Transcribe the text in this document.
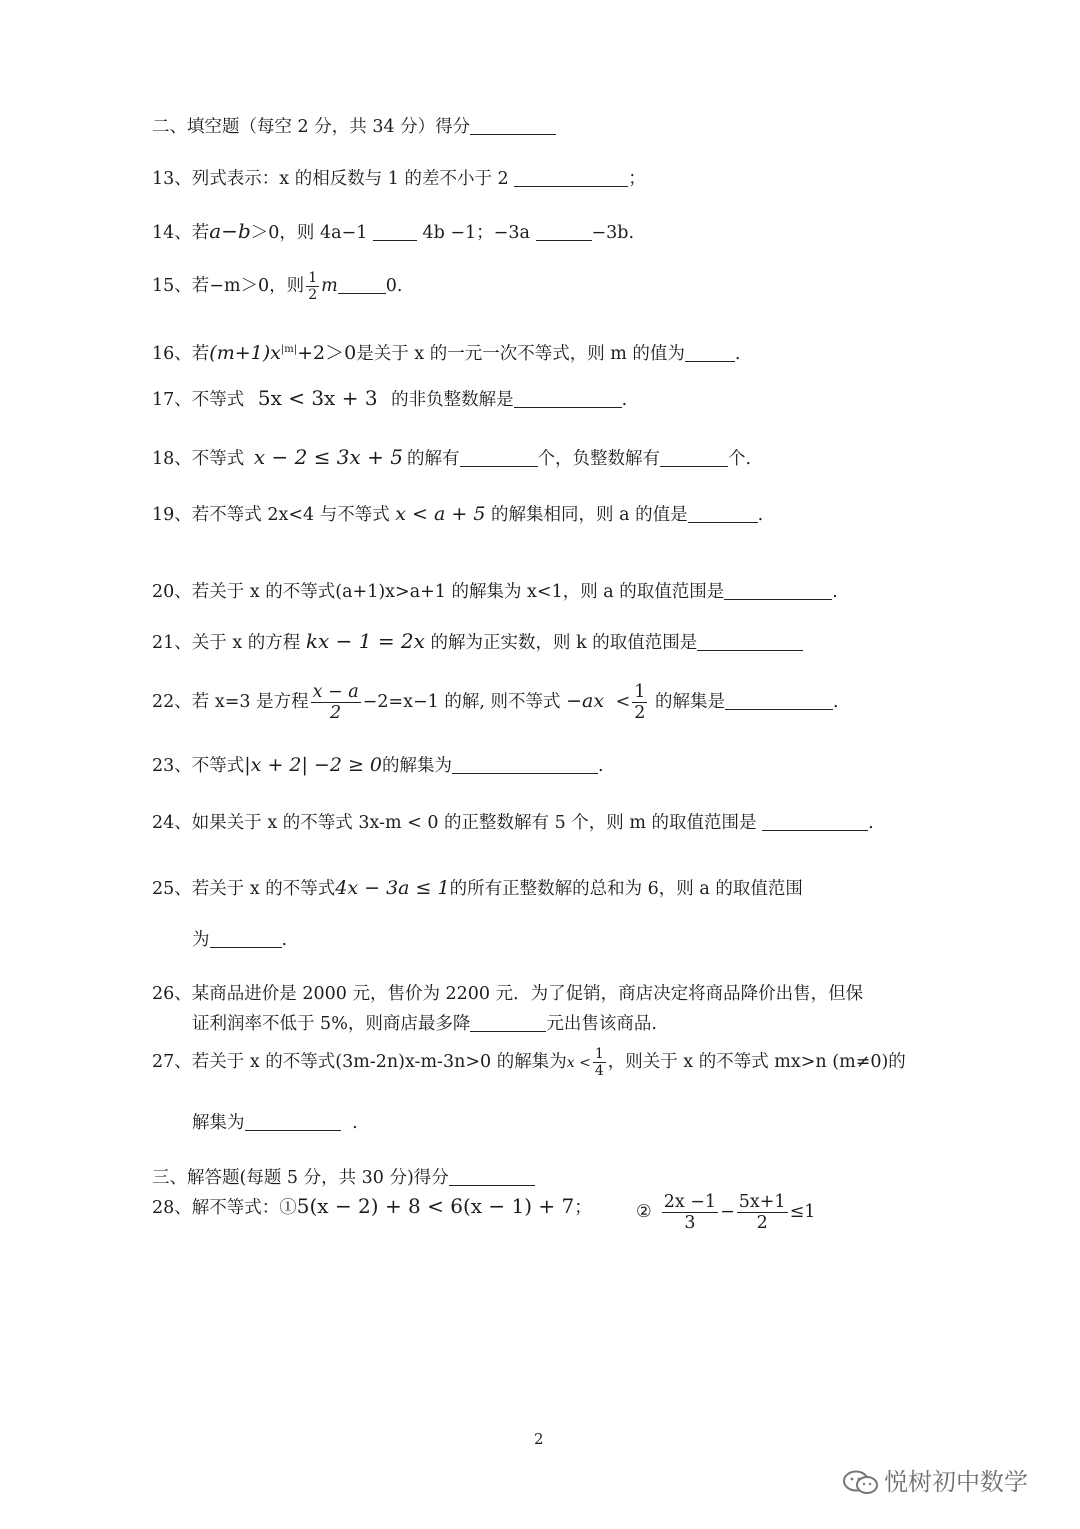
二、填空题（每空 2 分，共 34 分）得分
13、列式表示：x 的相反数与 1 的差不小于 2	；
14、若a−b＞0，则 4a−1	4b −1；−3a	−3b.
15、若−m＞0，则 $\frac{1}{2}$ m	0.
16、若$(m+1)x^{|m|}+2>0$是关于 x 的一元一次不等式，则 m 的值为	.
17、不等式 5x < 3x + 3 的非负整数解是	.
18、不等式 x − 2 ≤ 3x + 5 的解有	个，负整数解有	个.
19、若不等式 2x<4 与不等式 x < a + 5 的解集相同，则 a 的值是	.
20、若关于 x 的不等式(a+1)x>a+1 的解集为 x<1，则 a 的取值范围是	.
21、关于 x 的方程 kx − 1 = 2x 的解为正实数，则 k 的取值范围是
22、若 x=3 是方程 $\frac{x - a}{2} -2=x-1$ 的解, 则不等式 $-ax < \frac{1}{2}$ 的解集是	.
23、不等式|x + 2| −2 ≥ 0的解集为	.
24、如果关于 x 的不等式 3x-m < 0 的正整数解有 5 个，则 m 的取值范围是	.
25、若关于 x 的不等式4x − 3a ≤ 1的所有正整数解的总和为 6，则 a 的取值范围
为	.
26、某商品进价是 2000 元，售价为 2200 元．为了促销，商店决定将商品降价出售，但保
证利润率不低于 5%，则商店最多降	元出售该商品.
27、若关于 x 的不等式(3m-2n)x-m-3n>0 的解集为$x < \frac{1}{4}$ ，则关于 x 的不等式 mx>n (m≠0)的
解集为	.
三、解答题(每题 5 分，共 30 分)得分
28、解不等式：①5(x − 2) + 8 < 6(x − 1) + 7；	② $\frac{2x -1}{3} - \frac{5x+1}{2} \le 1$
2
悦树初中数学
